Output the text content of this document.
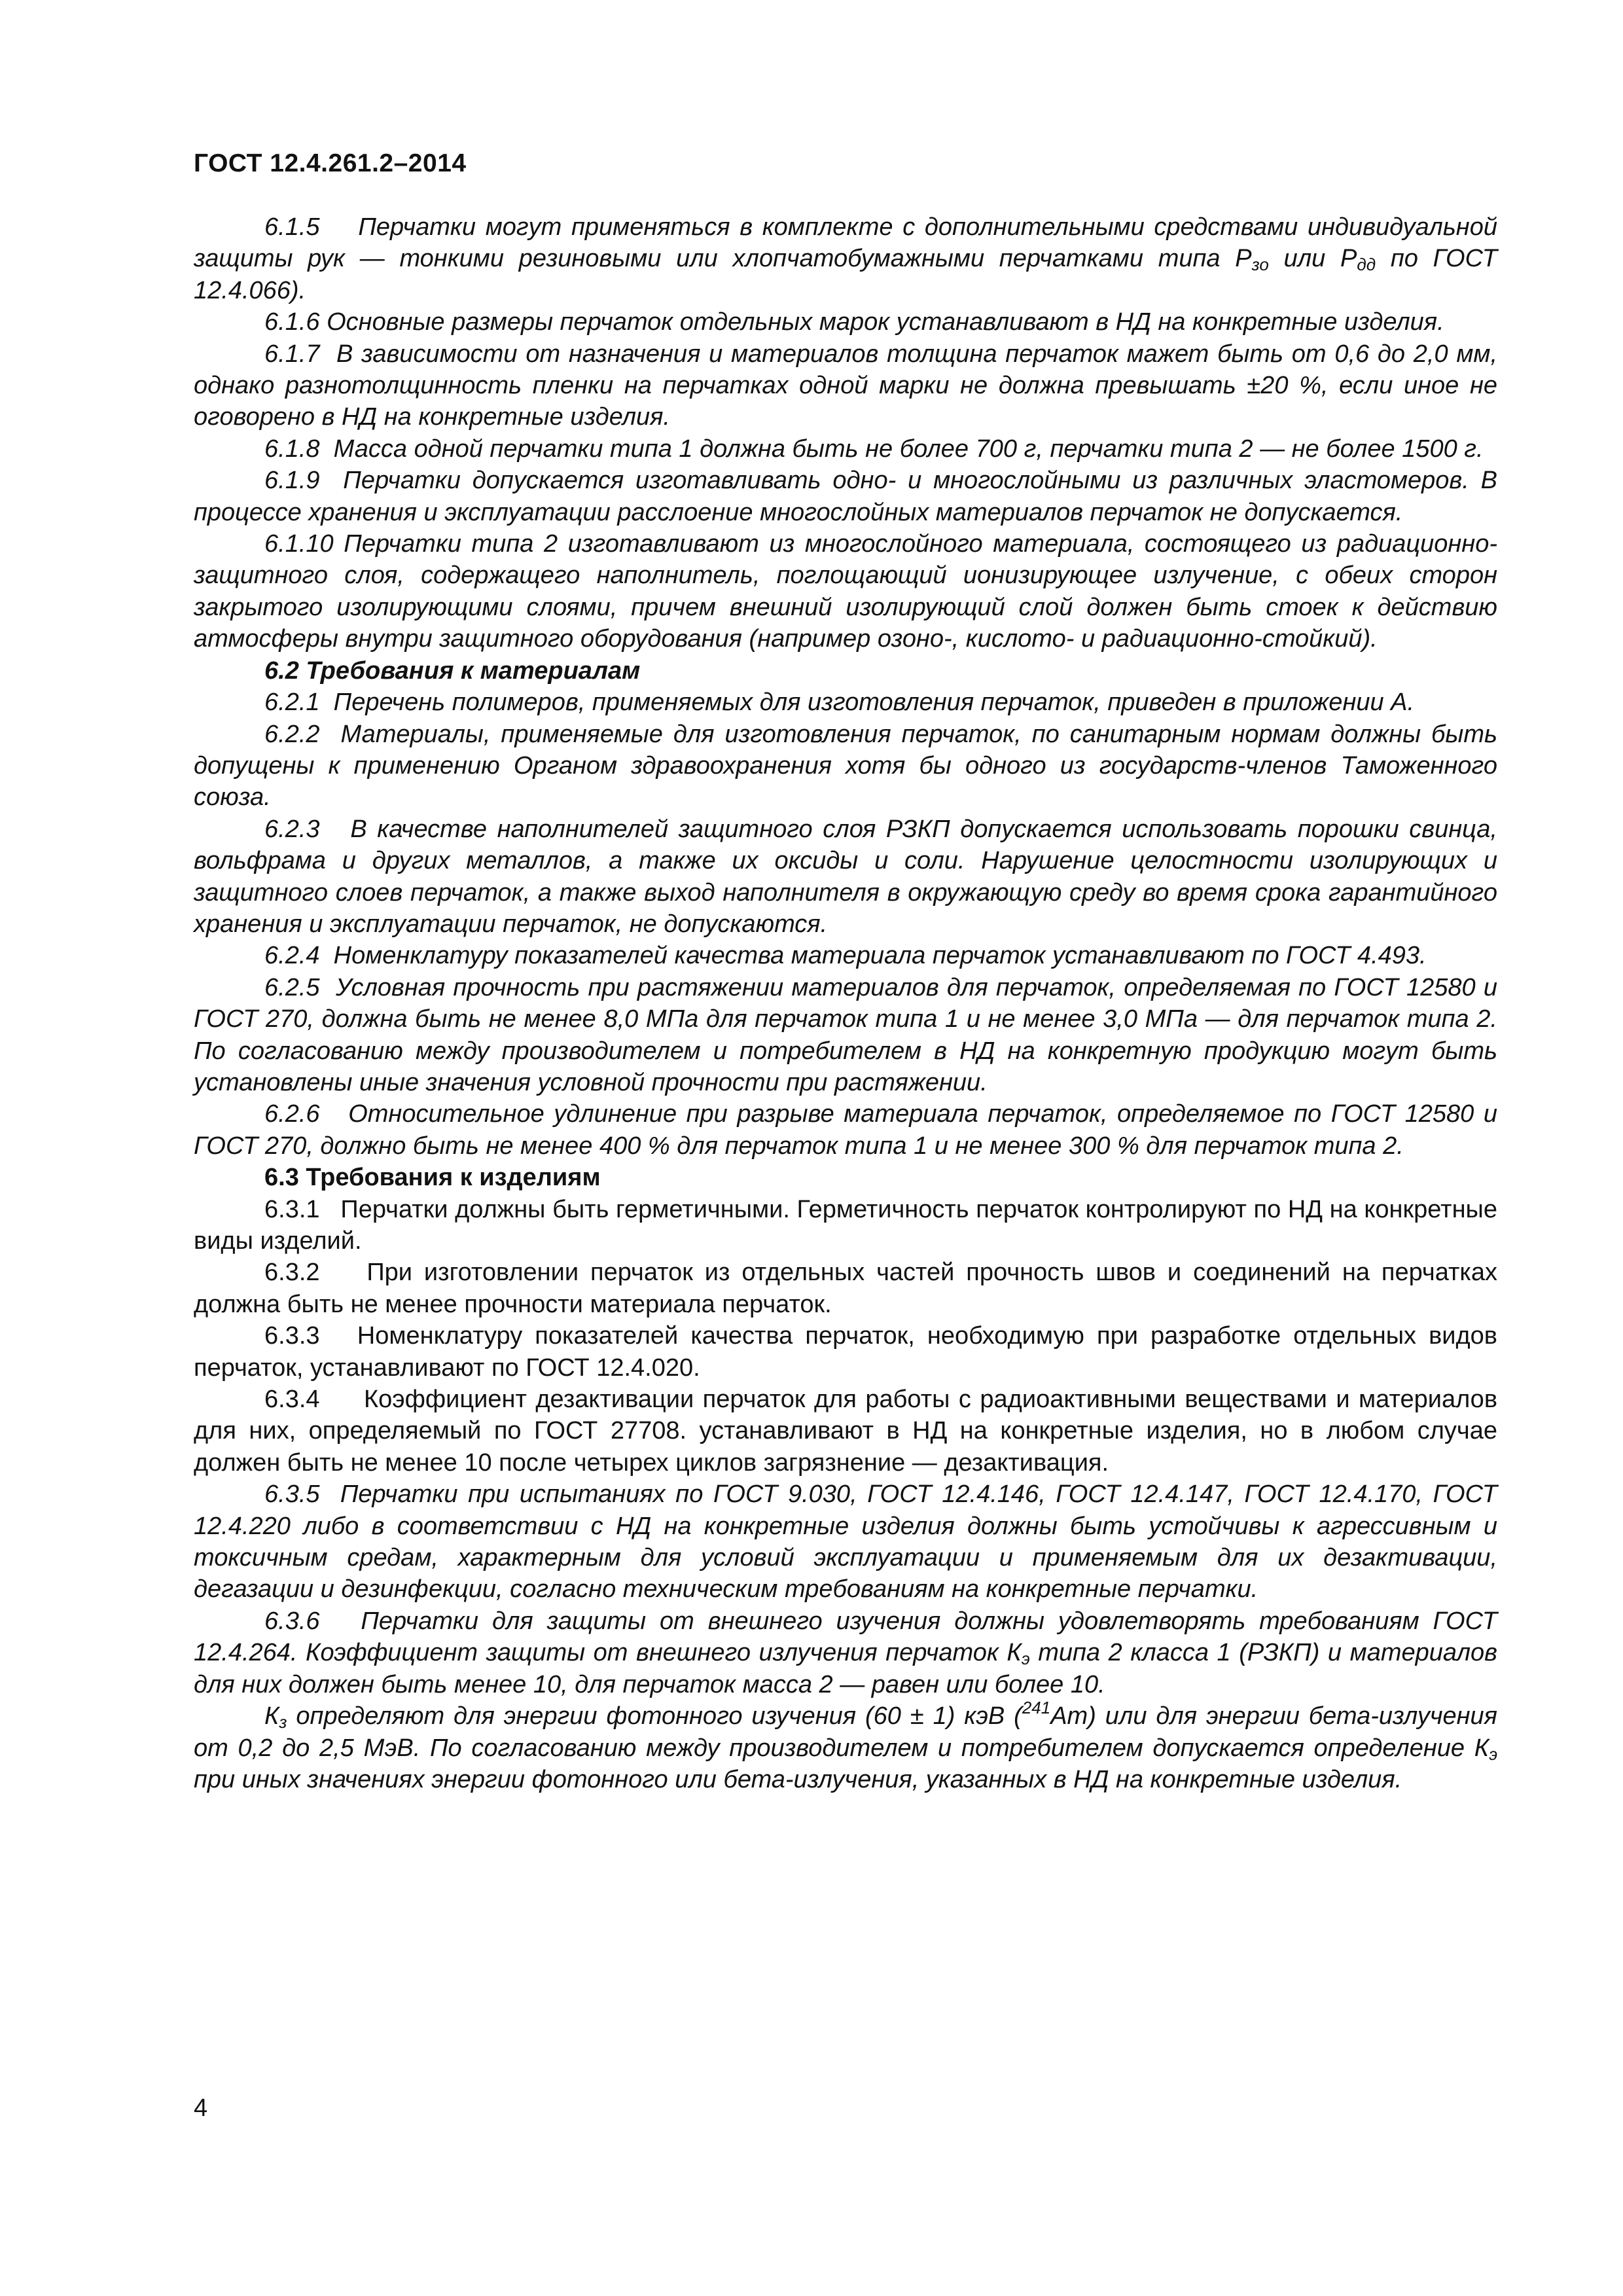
ГОСТ 12.4.261.2–2014

6.1.5 Перчатки могут применяться в комплекте с дополнительными средствами индивидуальной защиты рук — тонкими резиновыми или хлопчатобумажными перчатками типа $Р_{зо}$ или $Р_{дд}$ по ГОСТ 12.4.066).

6.1.6 Основные размеры перчаток отдельных марок устанавливают в НД на конкретные изделия.

6.1.7 В зависимости от назначения и материалов толщина перчаток мажет быть от 0,6 до 2,0 мм, однако разнотолщинность пленки на перчатках одной марки не должна превышать ±20 %, если иное не оговорено в НД на конкретные изделия.

6.1.8 Масса одной перчатки типа 1 должна быть не более 700 г, перчатки типа 2 — не более 1500 г.

6.1.9 Перчатки допускается изготавливать одно- и многослойными из различных эластомеров. В процессе хранения и эксплуатации расслоение многослойных материалов перчаток не допускается.

6.1.10 Перчатки типа 2 изготавливают из многослойного материала, состоящего из радиационно-защитного слоя, содержащего наполнитель, поглощающий ионизирующее излучение, с обеих сторон закрытого изолирующими слоями, причем внешний изолирующий слой должен быть стоек к действию атмосферы внутри защитного оборудования (например озоно-, кислото- и радиационно-стойкий).

6.2 Требования к материалам

6.2.1 Перечень полимеров, применяемых для изготовления перчаток, приведен в приложении А.

6.2.2 Материалы, применяемые для изготовления перчаток, по санитарным нормам должны быть допущены к применению Органом здравоохранения хотя бы одного из государств-членов Таможенного союза.

6.2.3 В качестве наполнителей защитного слоя РЗКП допускается использовать порошки свинца, вольфрама и других металлов, а также их оксиды и соли. Нарушение целостности изолирующих и защитного слоев перчаток, а также выход наполнителя в окружающую среду во время срока гарантийного хранения и эксплуатации перчаток, не допускаются.

6.2.4 Номенклатуру показателей качества материала перчаток устанавливают по ГОСТ 4.493.

6.2.5 Условная прочность при растяжении материалов для перчаток, определяемая по ГОСТ 12580 и ГОСТ 270, должна быть не менее 8,0 МПа для перчаток типа 1 и не менее 3,0 МПа — для перчаток типа 2. По согласованию между производителем и потребителем в НД на конкретную продукцию могут быть установлены иные значения условной прочности при растяжении.

6.2.6 Относительное удлинение при разрыве материала перчаток, определяемое по ГОСТ 12580 и ГОСТ 270, должно быть не менее 400 % для перчаток типа 1 и не менее 300 % для перчаток типа 2.

6.3 Требования к изделиям

6.3.1 Перчатки должны быть герметичными. Герметичность перчаток контролируют по НД на конкретные виды изделий.

6.3.2 При изготовлении перчаток из отдельных частей прочность швов и соединений на перчатках должна быть не менее прочности материала перчаток.

6.3.3 Номенклатуру показателей качества перчаток, необходимую при разработке отдельных видов перчаток, устанавливают по ГОСТ 12.4.020.

6.3.4 Коэффициент дезактивации перчаток для работы с радиоактивными веществами и материалов для них, определяемый по ГОСТ 27708. устанавливают в НД на конкретные изделия, но в любом случае должен быть не менее 10 после четырех циклов загрязнение — дезактивация.

6.3.5 Перчатки при испытаниях по ГОСТ 9.030, ГОСТ 12.4.146, ГОСТ 12.4.147, ГОСТ 12.4.170, ГОСТ 12.4.220 либо в соответствии с НД на конкретные изделия должны быть устойчивы к агрессивным и токсичным средам, характерным для условий эксплуатации и применяемым для их дезактивации, дегазации и дезинфекции, согласно техническим требованиям на конкретные перчатки.

6.3.6 Перчатки для защиты от внешнего изучения должны удовлетворять требованиям ГОСТ 12.4.264. Коэффициент защиты от внешнего излучения перчаток $К_э$ типа 2 класса 1 (РЗКП) и материалов для них должен быть менее 10, для перчаток масса 2 — равен или более 10.

$К_з$ определяют для энергии фотонного изучения (60 ± 1) кэВ ($^{241}$Am) или для энергии бета-излучения от 0,2 до 2,5 МэВ. По согласованию между производителем и потребителем допускается определение $К_э$ при иных значениях энергии фотонного или бета-излучения, указанных в НД на конкретные изделия.

4
